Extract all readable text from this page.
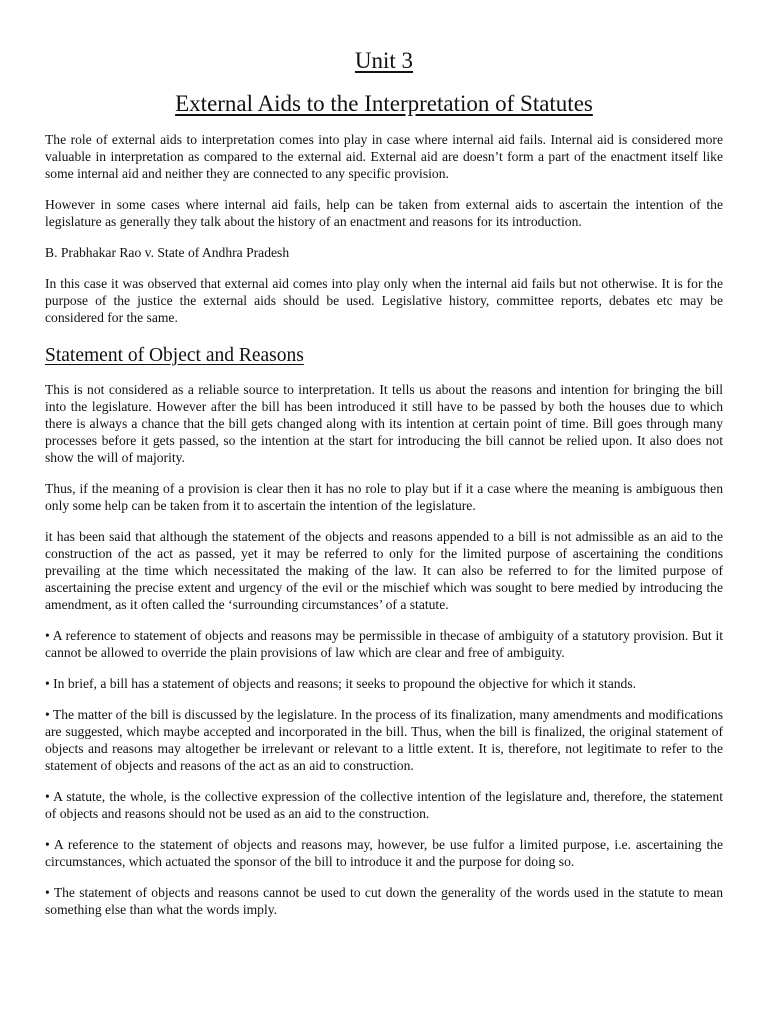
Unit 3
External Aids to the Interpretation of Statutes

The role of external aids to interpretation comes into play in case where internal aid fails. Internal aid is considered more valuable in interpretation as compared to the external aid. External aid are doesn’t form a part of the enactment itself like some internal aid and neither they are connected to any specific provision.

However in some cases where internal aid fails, help can be taken from external aids to ascertain the intention of the legislature as generally they talk about the history of an enactment and reasons for its introduction.

B. Prabhakar Rao v. State of Andhra Pradesh

In this case it was observed that external aid comes into play only when the internal aid fails but not otherwise. It is for the purpose of the justice the external aids should be used. Legislative history, committee reports, debates etc may be considered for the same.

Statement of Object and Reasons

This is not considered as a reliable source to interpretation. It tells us about the reasons and intention for bringing the bill into the legislature. However after the bill has been introduced it still have to be passed by both the houses due to which there is always a chance that the bill gets changed along with its intention at certain point of time. Bill goes through many processes before it gets passed, so the intention at the start for introducing the bill cannot be relied upon. It also does not show the will of majority.

Thus, if the meaning of a provision is clear then it has no role to play but if it a case where the meaning is ambiguous then only some help can be taken from it to ascertain the intention of the legislature.

it has been said that although the statement of the objects and reasons appended to a bill is not admissible as an aid to the construction of the act as passed, yet it may be referred to only for the limited purpose of ascertaining the conditions prevailing at the time which necessitated the making of the law. It can also be referred to for the limited purpose of ascertaining the precise extent and urgency of the evil or the mischief which was sought to bere medied by introducing the amendment, as it often called the ‘surrounding circumstances’ of a statute.

• A reference to statement of objects and reasons may be permissible in thecase of ambiguity of a statutory provision. But it cannot be allowed to override the plain provisions of law which are clear and free of ambiguity.

• In brief, a bill has a statement of objects and reasons; it seeks to propound the objective for which it stands.

• The matter of the bill is discussed by the legislature. In the process of its finalization, many amendments and modifications are suggested, which maybe accepted and incorporated in the bill. Thus, when the bill is finalized, the original statement of objects and reasons may altogether be irrelevant or relevant to a little extent. It is, therefore, not legitimate to refer to the statement of objects and reasons of the act as an aid to construction.

• A statute, the whole, is the collective expression of the collective intention of the legislature and, therefore, the statement of objects and reasons should not be used as an aid to the construction.

• A reference to the statement of objects and reasons may, however, be use fulfor a limited purpose, i.e. ascertaining the circumstances, which actuated the sponsor of the bill to introduce it and the purpose for doing so.

• The statement of objects and reasons cannot be used to cut down the generality of the words used in the statute to mean something else than what the words imply.
